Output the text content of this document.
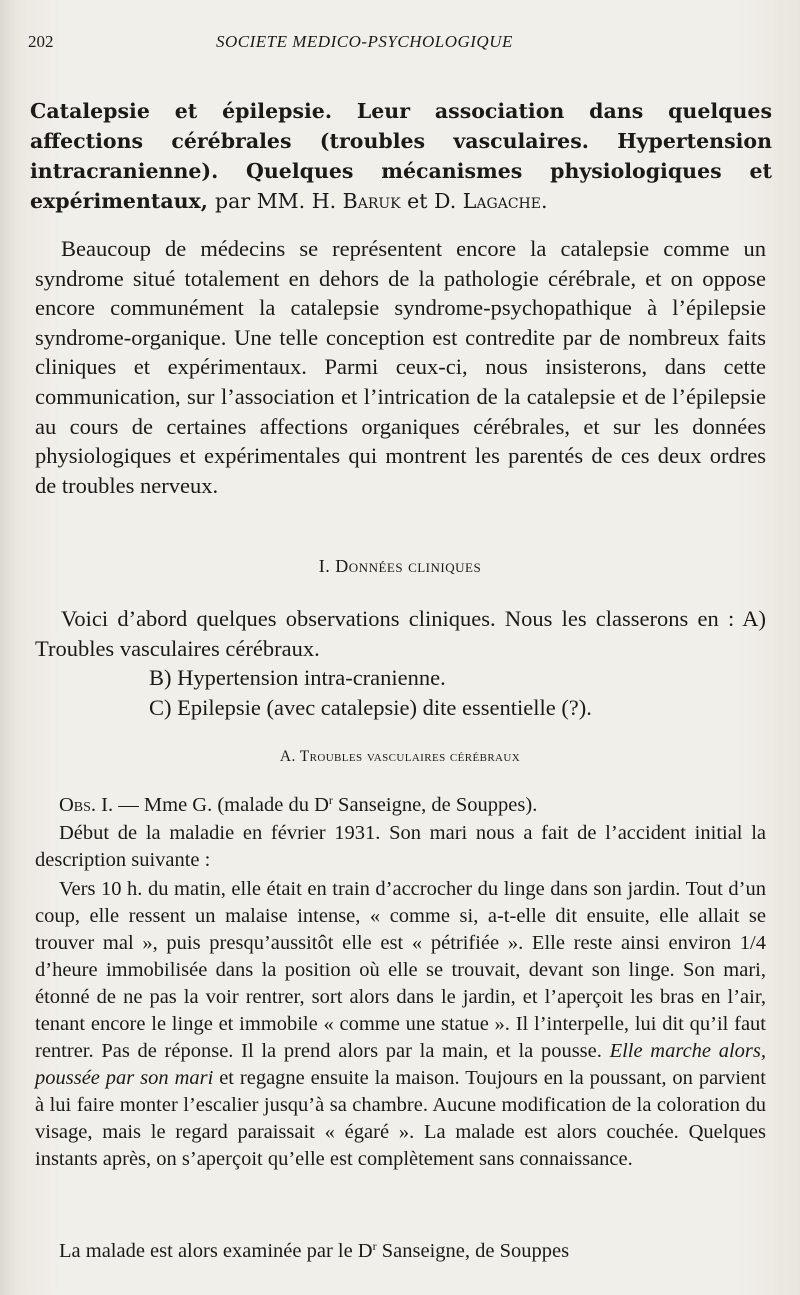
202	SOCIETE MEDICO-PSYCHOLOGIQUE
Catalepsie et épilepsie. Leur association dans quelques affections cérébrales (troubles vasculaires. Hypertension intracranienne). Quelques mécanismes physiologiques et expérimentaux, par MM. H. Baruk et D. Lagache.

Beaucoup de médecins se représentent encore la catalepsie comme un syndrome situé totalement en dehors de la pathologie cérébrale, et on oppose encore communément la catalepsie syndrome-psychopathique à l’épilepsie syndrome-organique. Une telle conception est contredite par de nombreux faits cliniques et expérimentaux. Parmi ceux-ci, nous insisterons, dans cette communication, sur l’association et l’intrication de la catalepsie et de l’épilepsie au cours de certaines affections organiques cérébrales, et sur les données physiologiques et expérimentales qui montrent les parentés de ces deux ordres de troubles nerveux.

I. Données cliniques
Voici d’abord quelques observations cliniques. Nous les classerons en : A) Troubles vasculaires cérébraux.
B) Hypertension intra-cranienne.
C) Epilepsie (avec catalepsie) dite essentielle (?).
A. Troubles vasculaires cérébraux
Obs. I. — Mme G. (malade du $D^r$ Sanseigne, de Souppes).
Début de la maladie en février 1931. Son mari nous a fait de l’accident initial la description suivante :
Vers 10 h. du matin, elle était en train d’accrocher du linge dans son jardin. Tout d’un coup, elle ressent un malaise intense, « comme si, a-t-elle dit ensuite, elle allait se trouver mal », puis presqu’aussitôt elle est « pétrifiée ». Elle reste ainsi environ 1/4 d’heure immobilisée dans la position où elle se trouvait, devant son linge. Son mari, étonné de ne pas la voir rentrer, sort alors dans le jardin, et l’aperçoit les bras en l’air, tenant encore le linge et immobile « comme une statue ». Il l’interpelle, lui dit qu’il faut rentrer. Pas de réponse. Il la prend alors par la main, et la pousse. Elle marche alors, poussée par son mari et regagne ensuite la maison. Toujours en la poussant, on parvient à lui faire monter l’escalier jusqu’à sa chambre. Aucune modification de la coloration du visage, mais le regard paraissait « égaré ». La malade est alors couchée. Quelques instants après, on s’aperçoit qu’elle est complètement sans connaissance.
La malade est alors examinée par le $D^r$ Sanseigne, de Souppes
